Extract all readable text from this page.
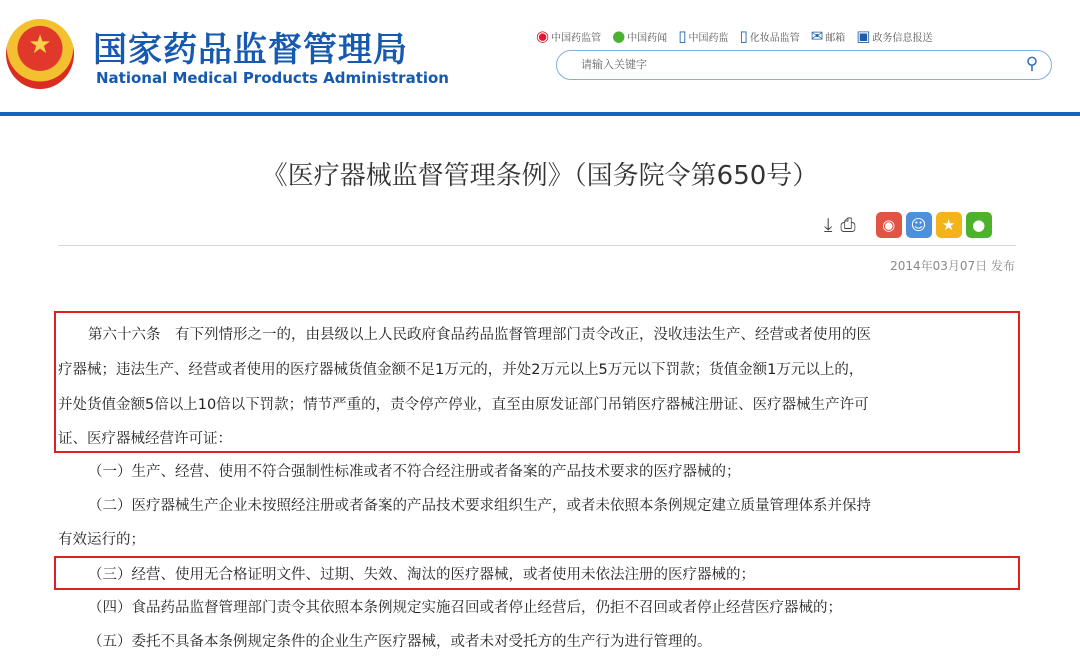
★	国家药品监督管理局
National Medical Products Administration
◉ 中国药监管 ● 中国药闻 ▯ 中国药监 ▯ 化妆品监管 ✉ 邮箱 ▣ 政务信息报送
请输入关键字
⚲
《医疗器械监督管理条例》（国务院令第650号）
⤓ ⎙	◉	☺	★	●
2014年03月07日 发布
第六十六条　有下列情形之一的，由县级以上人民政府食品药品监督管理部门责令改正，没收违法生产、经营或者使用的医
疗器械；违法生产、经营或者使用的医疗器械货值金额不足1万元的，并处2万元以上5万元以下罚款；货值金额1万元以上的，
并处货值金额5倍以上10倍以下罚款；情节严重的，责令停产停业，直至由原发证部门吊销医疗器械注册证、医疗器械生产许可
证、医疗器械经营许可证：
（一）生产、经营、使用不符合强制性标准或者不符合经注册或者备案的产品技术要求的医疗器械的；
（二）医疗器械生产企业未按照经注册或者备案的产品技术要求组织生产，或者未依照本条例规定建立质量管理体系并保持
有效运行的；
（三）经营、使用无合格证明文件、过期、失效、淘汰的医疗器械，或者使用未依法注册的医疗器械的；
（四）食品药品监督管理部门责令其依照本条例规定实施召回或者停止经营后，仍拒不召回或者停止经营医疗器械的；
（五）委托不具备本条例规定条件的企业生产医疗器械，或者未对受托方的生产行为进行管理的。
